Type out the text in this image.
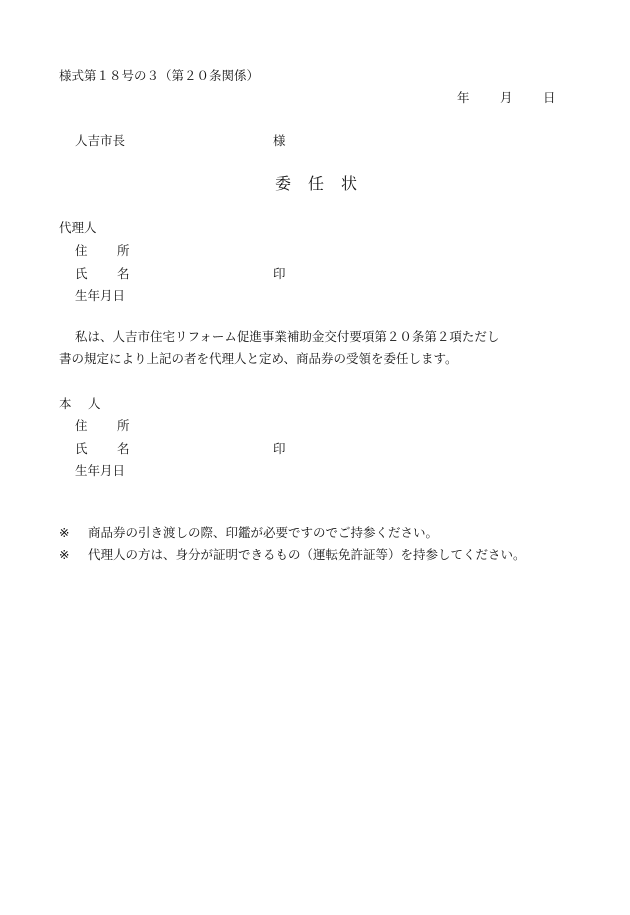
様式第１８号の３（第２０条関係）
年 月 日
人吉市長	様
委 任 状
代理人
住 所
氏 名	印
生年月日
私は、人吉市住宅リフォーム促進事業補助金交付要項第２０条第２項ただし
書の規定により上記の者を代理人と定め、商品券の受領を委任します。
本 人
住 所
氏 名	印
生年月日
※ 商品券の引き渡しの際、印鑑が必要ですのでご持参ください。
※ 代理人の方は、身分が証明できるもの（運転免許証等）を持参してください。
